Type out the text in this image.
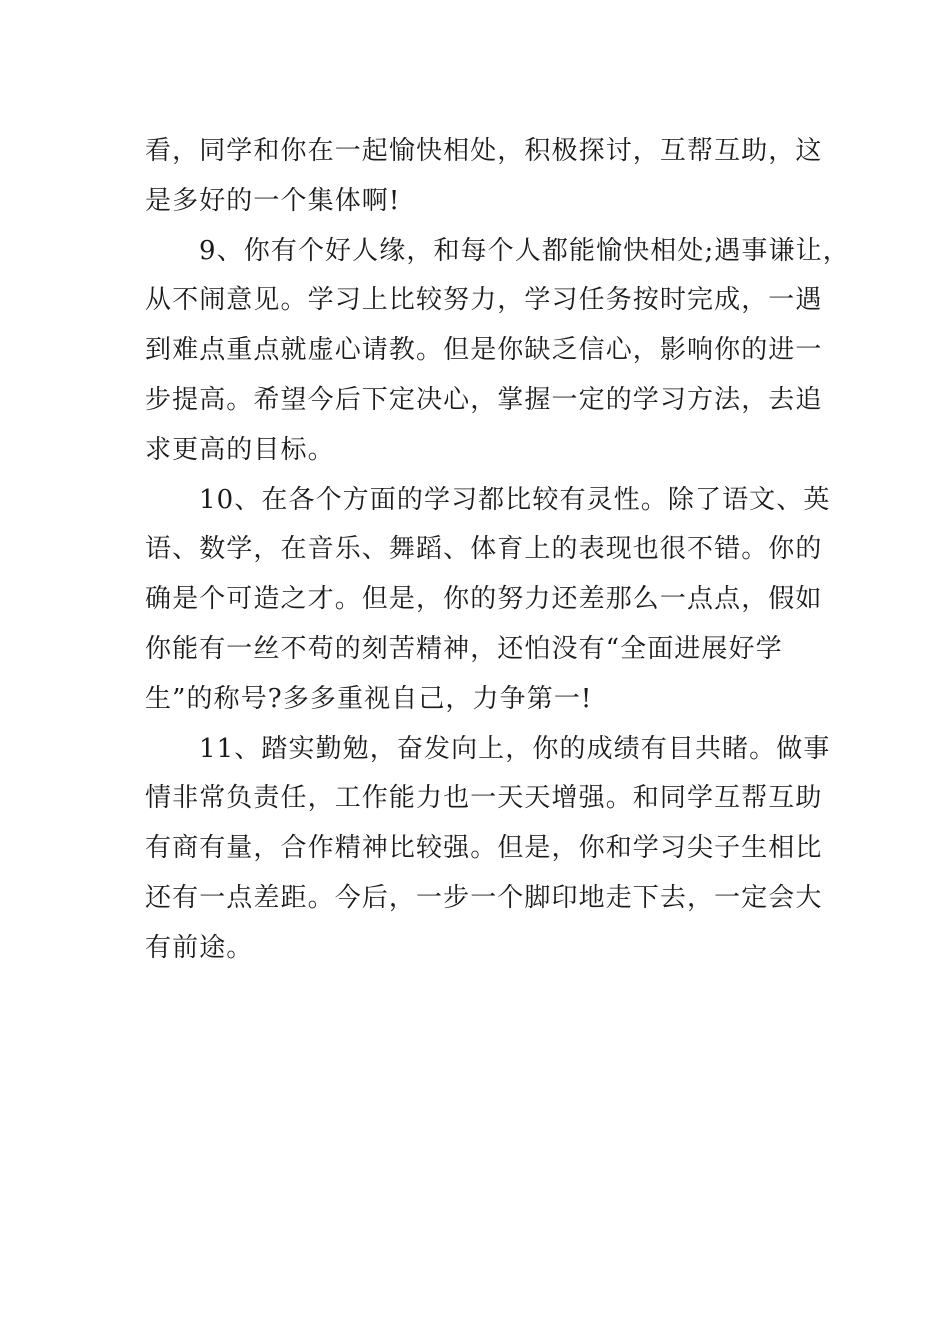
看，同学和你在一起愉快相处，积极探讨，互帮互助，这
是多好的一个集体啊!
9、你有个好人缘，和每个人都能愉快相处;遇事谦让，
从不闹意见。学习上比较努力，学习任务按时完成，一遇
到难点重点就虚心请教。但是你缺乏信心，影响你的进一
步提高。希望今后下定决心，掌握一定的学习方法，去追
求更高的目标。
10、在各个方面的学习都比较有灵性。除了语文、英
语、数学，在音乐、舞蹈、体育上的表现也很不错。你的
确是个可造之才。但是，你的努力还差那么一点点，假如
你能有一丝不苟的刻苦精神，还怕没有“全面进展好学
生”的称号?多多重视自己，力争第一!
11、踏实勤勉，奋发向上，你的成绩有目共睹。做事
情非常负责任，工作能力也一天天增强。和同学互帮互助
有商有量，合作精神比较强。但是，你和学习尖子生相比
还有一点差距。今后，一步一个脚印地走下去，一定会大
有前途。
